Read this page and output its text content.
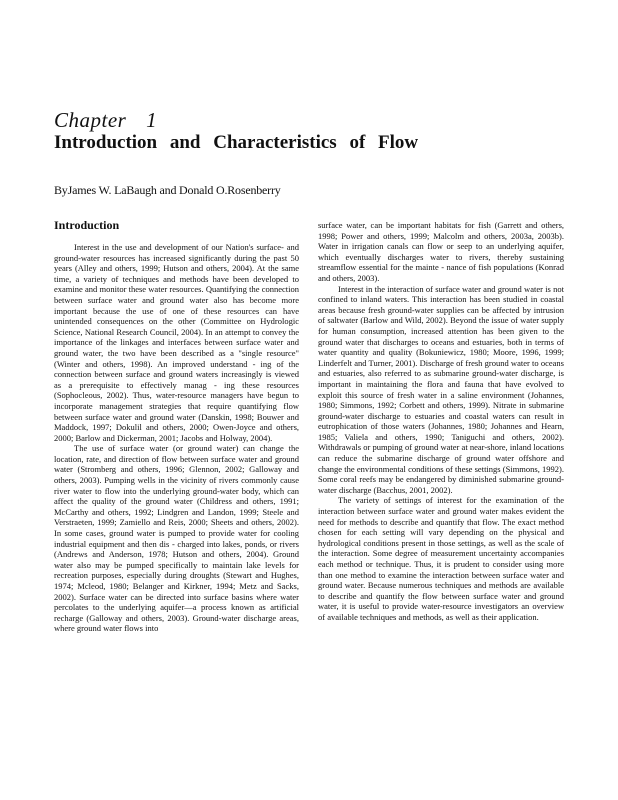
Chapter 1
Introduction and Characteristics of Flow
ByJames W. LaBaugh and Donald O.Rosenberry
Introduction

Interest in the use and development of our Nation's surface- and ground-water resources has increased significantly during the past 50 years (Alley and others, 1999; Hutson and others, 2004). At the same time, a variety of techniques and methods have been developed to examine and monitor these water resources. Quantifying the connection between surface water and ground water also has become more important because the use of one of these resources can have unintended consequences on the other (Committee on Hydrologic Science, National Research Council, 2004). In an attempt to convey the importance of the linkages and interfaces between surface water and ground water, the two have been described as a "single resource" (Winter and others, 1998). An improved understand - ing of the connection between surface and ground waters increasingly is viewed as a prerequisite to effectively manag - ing these resources (Sophocleous, 2002). Thus, water-resource managers have begun to incorporate management strategies that require quantifying flow between surface water and ground water (Danskin, 1998; Bouwer and Maddock, 1997; Dokulil and others, 2000; Owen-Joyce and others, 2000; Barlow and Dickerman, 2001; Jacobs and Holway, 2004).

The use of surface water (or ground water) can change the location, rate, and direction of flow between surface water and ground water (Stromberg and others, 1996; Glennon, 2002; Galloway and others, 2003). Pumping wells in the vicinity of rivers commonly cause river water to flow into the underlying ground-water body, which can affect the quality of the ground water (Childress and others, 1991; McCarthy and others, 1992; Lindgren and Landon, 1999; Steele and Verstraeten, 1999; Zamiello and Reis, 2000; Sheets and others, 2002). In some cases, ground water is pumped to provide water for cooling industrial equipment and then dis - charged into lakes, ponds, or rivers (Andrews and Anderson, 1978; Hutson and others, 2004). Ground water also may be pumped specifically to maintain lake levels for recreation purposes, especially during droughts (Stewart and Hughes, 1974; Mcleod, 1980; Belanger and Kirkner, 1994; Metz and Sacks, 2002). Surface water can be directed into surface basins where water percolates to the underlying aquifer—a process known as artificial recharge (Galloway and others, 2003). Ground-water discharge areas, where ground water flows into

surface water, can be important habitats for fish (Garrett and others, 1998; Power and others, 1999; Malcolm and others, 2003a, 2003b). Water in irrigation canals can flow or seep to an underlying aquifer, which eventually discharges water to rivers, thereby sustaining streamflow essential for the mainte - nance of fish populations (Konrad and others, 2003).

Interest in the interaction of surface water and ground water is not confined to inland waters. This interaction has been studied in coastal areas because fresh ground-water supplies can be affected by intrusion of saltwater (Barlow and Wild, 2002). Beyond the issue of water supply for human consumption, increased attention has been given to the ground water that discharges to oceans and estuaries, both in terms of water quantity and quality (Bokuniewicz, 1980; Moore, 1996, 1999; Linderfelt and Turner, 2001). Discharge of fresh ground water to oceans and estuaries, also referred to as submarine ground-water discharge, is important in maintaining the flora and fauna that have evolved to exploit this source of fresh water in a saline environment (Johannes, 1980; Simmons, 1992; Corbett and others, 1999). Nitrate in submarine ground-water discharge to estuaries and coastal waters can result in eutrophication of those waters (Johannes, 1980; Johannes and Hearn, 1985; Valiela and others, 1990; Taniguchi and others, 2002). Withdrawals or pumping of ground water at near-shore, inland locations can reduce the submarine discharge of ground water offshore and change the environmental conditions of these settings (Simmons, 1992). Some coral reefs may be endangered by diminished submarine ground-water discharge (Bacchus, 2001, 2002).

The variety of settings of interest for the examination of the interaction between surface water and ground water makes evident the need for methods to describe and quantify that flow. The exact method chosen for each setting will vary depending on the physical and hydrological conditions present in those settings, as well as the scale of the interaction. Some degree of measurement uncertainty accompanies each method or technique. Thus, it is prudent to consider using more than one method to examine the interaction between surface water and ground water. Because numerous techniques and methods are available to describe and quantify the flow between surface water and ground water, it is useful to provide water-resource investigators an overview of available techniques and methods, as well as their application.
